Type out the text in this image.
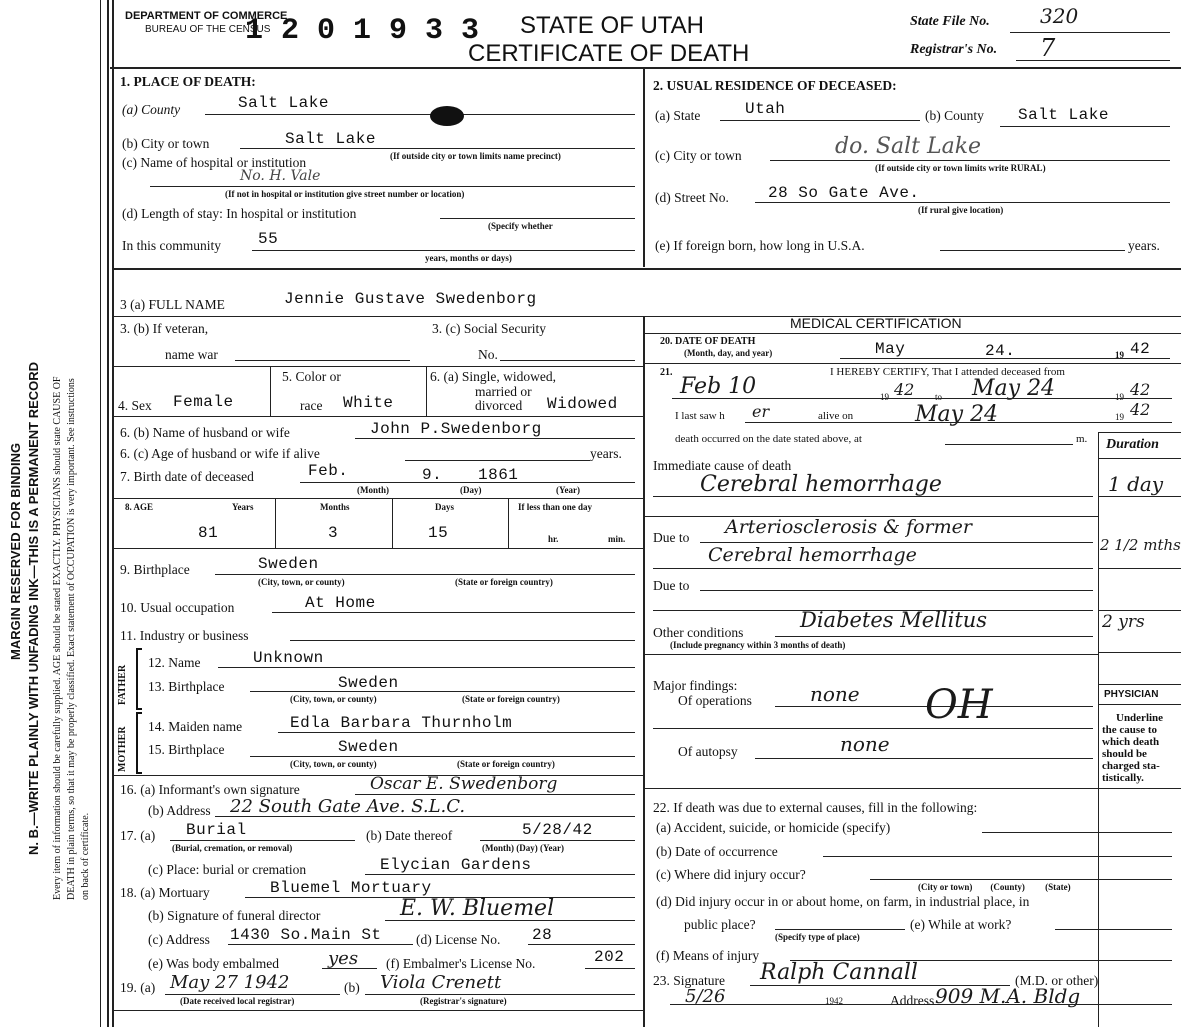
MARGIN RESERVED FOR BINDING N. B.—WRITE PLAINLY WITH UNFADING INK—THIS IS A PERMANENT RECORD Every item of information should be carefully supplied. AGE should be stated EXACTLY. PHYSICIANS should state CAUSE OF DEATH in plain terms, so that it may be properly classified. Exact statement of OCCUPATION is very important. See instructions on back of certificate.
DEPARTMENT OF COMMERCE
BUREAU OF THE CENSUS
1 2 0 1 9 3 3 STATE OF UTAH
CERTIFICATE OF DEATH
State File No.	320
Registrar's No. 7
1. PLACE OF DEATH:
(a) County	Salt Lake
(b) City or town	Salt Lake
(c) Name of hospital or institution	(If outside city or town limits name precinct)
No. H. Vale
(If not in hospital or institution give street number or location)
(d) Length of stay: In hospital or institution
(Specify whether
In this community 55
years, months or days)
2. USUAL RESIDENCE OF DECEASED:
(a) State	Utah	(b) County Salt Lake
(c) City or town	do. Salt Lake
(If outside city or town limits write RURAL)
(d) Street No. 28 So Gate Ave.
(If rural give location)
(e) If foreign born, how long in U.S.A.	years.
3 (a) FULL NAME	Jennie Gustave Swedenborg
3. (b) If veteran,
name war
3. (c) Social Security
No.
4. Sex Female
5. Color or
race White
6. (a) Single, widowed,
married or
divorced Widowed
6. (b) Name of husband or wife	John P.Swedenborg
6. (c) Age of husband or wife if alive	years.
7. Birth date of deceased	Feb.	9. 1861
(Month)	(Day)	(Year)
8. AGE	Years	Months	Days	If less than one day
81	3	15	hr.	min.
9. Birthplace	Sweden
(City, town, or county)	(State or foreign country)
10. Usual occupation	At Home
11. Industry or business
FATHER
MOTHER
12. Name	Unknown
13. Birthplace	Sweden
(City, town, or county)	(State or foreign country)
14. Maiden name	Edla Barbara Thurnholm
15. Birthplace	Sweden
(City, town, or county)	(State or foreign country)
16. (a) Informant's own signature	Oscar E. Swedenborg
(b) Address 22 South Gate Ave. S.L.C.
17. (a) Burial
(Burial, cremation, or removal)
(b) Date thereof	5/28/42
(Month) (Day) (Year)
(c) Place: burial or cremation	Elycian Gardens
18. (a) Mortuary	Bluemel Mortuary
(b) Signature of funeral director	E. W. Bluemel
(c) Address 1430 So.Main St	(d) License No. 28
(e) Was body embalmed	yes (f) Embalmer's License No.	202
19. (a) May 27 1942
(Date received local registrar)
(b) Viola Crenett
(Registrar's signature)
MEDICAL CERTIFICATION
20. DATE OF DEATH
(Month, day, and year)	May	24.	19 42
21.	I HEREBY CERTIFY, That I attended deceased from
Feb 10	19 42 to May 24	19 42
I last saw h er	alive on	May 24	19 42
death occurred on the date stated above, at	m. Duration
Immediate cause of death
Cerebral hemorrhage	1 day
Due to Arteriosclerosis & former
Cerebral hemorrhage	2 1/2 mths
Due to
Other conditions
Diabetes Mellitus	2 yrs
(Include pregnancy within 3 months of death)
Major findings:
Of operations	none OH
Of autopsy	none
PHYSICIAN
Underline
the cause to
which death
should be
charged sta-
tistically.
22. If death was due to external causes, fill in the following:
(a) Accident, suicide, or homicide (specify)
(b) Date of occurrence
(c) Where did injury occur?
(City or town)        (County)         (State)
(d) Did injury occur in or about home, on farm, in industrial place, in
public place?
(Specify type of place)
(e) While at work?
(f) Means of injury
23. Signature Ralph Cannall	(M.D. or other)
5/26	1942	Address 909 M.A. Bldg
